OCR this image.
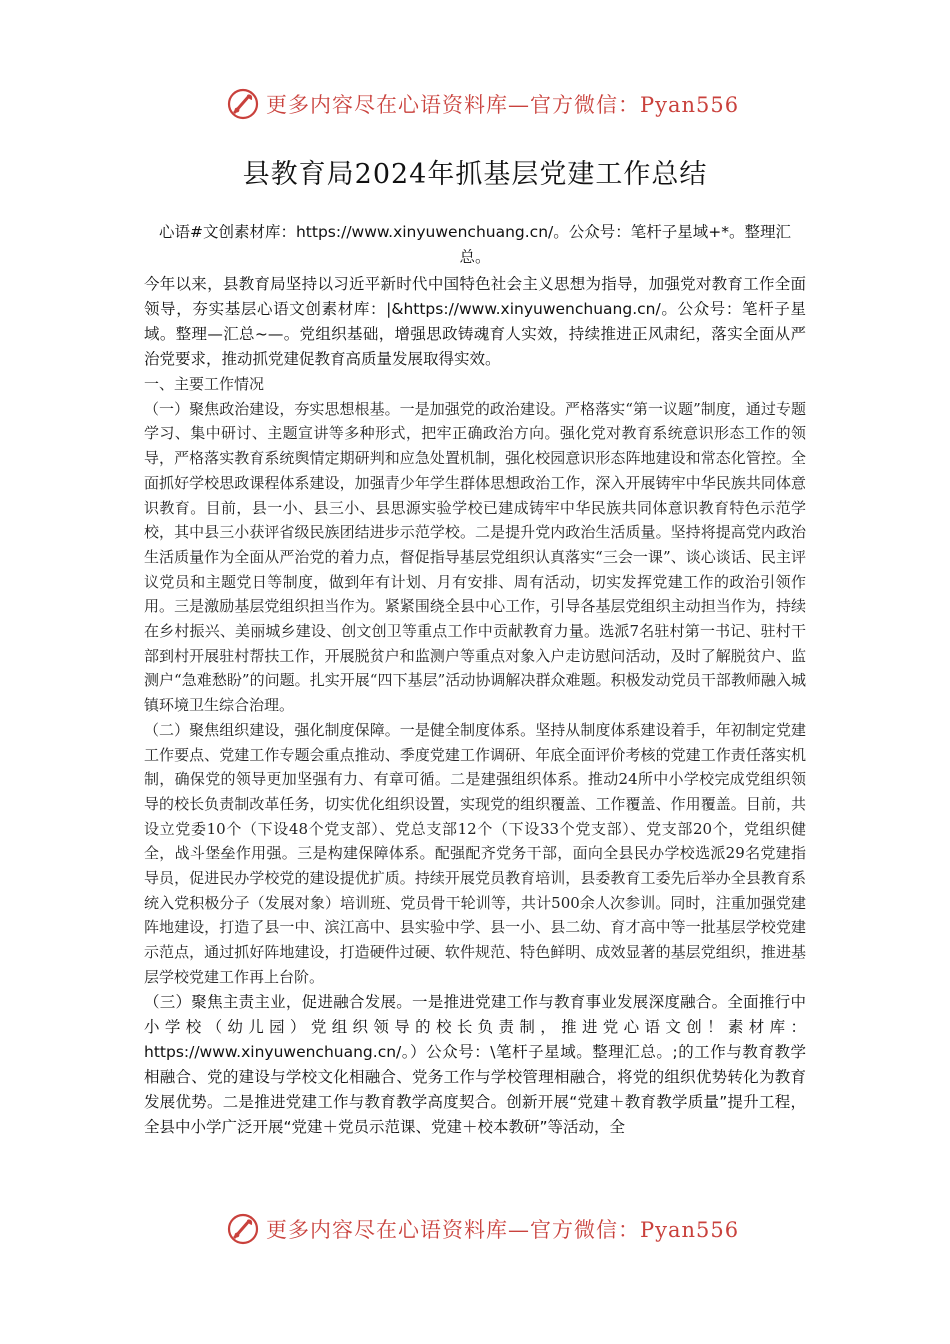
更多内容尽在心语资料库—官方微信：Pyan556
县教育局2024年抓基层党建工作总结

心语#文创素材库：https://www.xinyuwenchuang.cn/。公众号：笔杆子星域+*。整理汇总。

今年以来，县教育局坚持以习近平新时代中国特色社会主义思想为指导，加强党对教育工作全面领导，夯实基层心语文创素材库：|&https://www.xinyuwenchuang.cn/。公众号：笔杆子星域。整理—汇总~—。党组织基础，增强思政铸魂育人实效，持续推进正风肃纪，落实全面从严治党要求，推动抓党建促教育高质量发展取得实效。

一、主要工作情况

（一）聚焦政治建设，夯实思想根基。一是加强党的政治建设。严格落实“第一议题”制度，通过专题学习、集中研讨、主题宣讲等多种形式，把牢正确政治方向。强化党对教育系统意识形态工作的领导，严格落实教育系统舆情定期研判和应急处置机制，强化校园意识形态阵地建设和常态化管控。全面抓好学校思政课程体系建设，加强青少年学生群体思想政治工作，深入开展铸牢中华民族共同体意识教育。目前，县一小、县三小、县思源实验学校已建成铸牢中华民族共同体意识教育特色示范学校，其中县三小获评省级民族团结进步示范学校。二是提升党内政治生活质量。坚持将提高党内政治生活质量作为全面从严治党的着力点，督促指导基层党组织认真落实“三会一课”、谈心谈话、民主评议党员和主题党日等制度，做到年有计划、月有安排、周有活动，切实发挥党建工作的政治引领作用。三是激励基层党组织担当作为。紧紧围绕全县中心工作，引导各基层党组织主动担当作为，持续在乡村振兴、美丽城乡建设、创文创卫等重点工作中贡献教育力量。选派7名驻村第一书记、驻村干部到村开展驻村帮扶工作，开展脱贫户和监测户等重点对象入户走访慰问活动，及时了解脱贫户、监测户“急难愁盼”的问题。扎实开展“四下基层”活动协调解决群众难题。积极发动党员干部教师融入城镇环境卫生综合治理。

（二）聚焦组织建设，强化制度保障。一是健全制度体系。坚持从制度体系建设着手，年初制定党建工作要点、党建工作专题会重点推动、季度党建工作调研、年底全面评价考核的党建工作责任落实机制，确保党的领导更加坚强有力、有章可循。二是建强组织体系。推动24所中小学校完成党组织领导的校长负责制改革任务，切实优化组织设置，实现党的组织覆盖、工作覆盖、作用覆盖。目前，共设立党委10个（下设48个党支部）、党总支部12个（下设33个党支部）、党支部20个，党组织健全，战斗堡垒作用强。三是构建保障体系。配强配齐党务干部，面向全县民办学校选派29名党建指导员，促进民办学校党的建设提优扩质。持续开展党员教育培训，县委教育工委先后举办全县教育系统入党积极分子（发展对象）培训班、党员骨干轮训等，共计500余人次参训。同时，注重加强党建阵地建设，打造了县一中、滨江高中、县实验中学、县一小、县二幼、育才高中等一批基层学校党建示范点，通过抓好阵地建设，打造硬件过硬、软件规范、特色鲜明、成效显著的基层党组织，推进基层学校党建工作再上台阶。

（三）聚焦主责主业，促进融合发展。一是推进党建工作与教育事业发展深度融合。全面推行中小学校（幼儿园）党组织领导的校长负责制，推进党心语文创！素材库：https://www.xinyuwenchuang.cn/。）公众号：\笔杆子星域。整理汇总。;的工作与教育教学相融合、党的建设与学校文化相融合、党务工作与学校管理相融合，将党的组织优势转化为教育发展优势。二是推进党建工作与教育教学高度契合。创新开展“党建＋教育教学质量”提升工程，全县中小学广泛开展“党建＋党员示范课、党建＋校本教研”等活动，全

更多内容尽在心语资料库—官方微信：Pyan556
